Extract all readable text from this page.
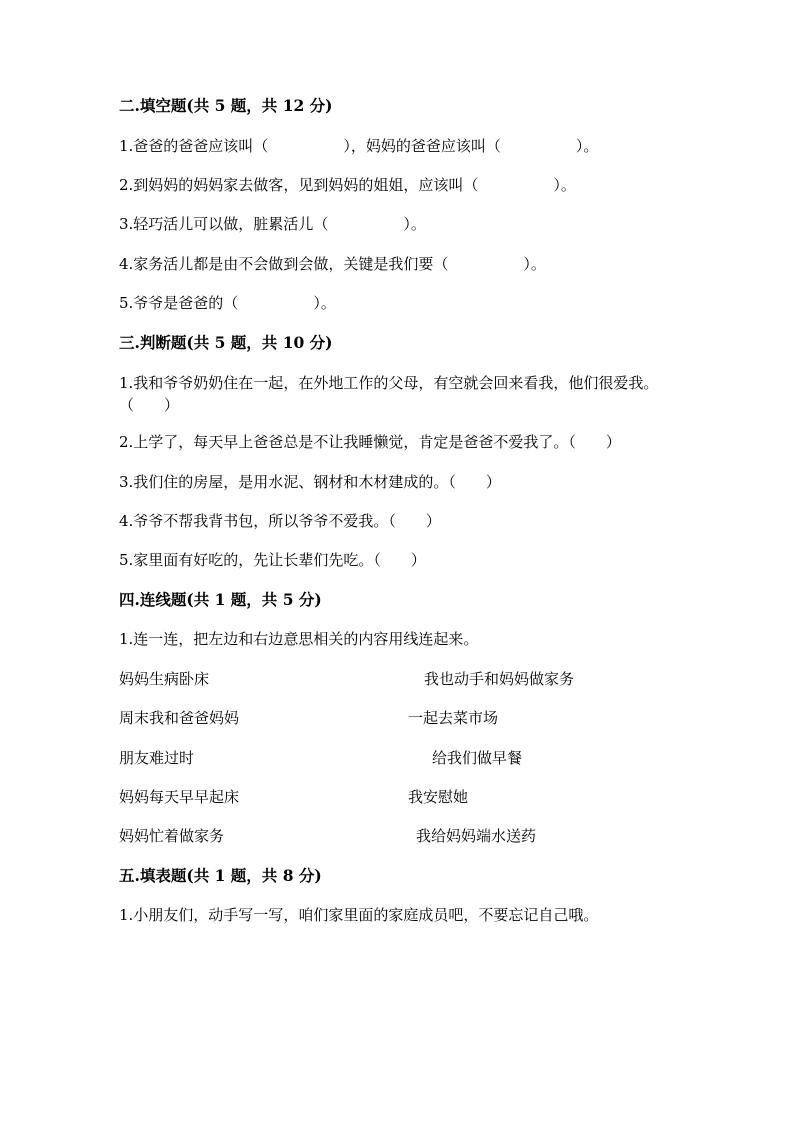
二.填空题(共 5 题，共 12 分)
1.爸爸的爸爸应该叫（　　　　　），妈妈的爸爸应该叫（　　　　　）。
2.到妈妈的妈妈家去做客，见到妈妈的姐姐，应该叫（　　　　　）。
3.轻巧活儿可以做，脏累活儿（　　　　　）。
4.家务活儿都是由不会做到会做，关键是我们要（　　　　　）。
5.爷爷是爸爸的（　　　　　）。
三.判断题(共 5 题，共 10 分)
1.我和爷爷奶奶住在一起，在外地工作的父母，有空就会回来看我，他们很爱我。（　　）
2.上学了，每天早上爸爸总是不让我睡懒觉，肯定是爸爸不爱我了。（　　）
3.我们住的房屋，是用水泥、钢材和木材建成的。（　　）
4.爷爷不帮我背书包，所以爷爷不爱我。（　　）
5.家里面有好吃的，先让长辈们先吃。（　　）
四.连线题(共 1 题，共 5 分)
1.连一连，把左边和右边意思相关的内容用线连起来。
妈妈生病卧床	我也动手和妈妈做家务
周末我和爸爸妈妈	一起去菜市场
朋友难过时	给我们做早餐
妈妈每天早早起床	我安慰她
妈妈忙着做家务	我给妈妈端水送药
五.填表题(共 1 题，共 8 分)
1.小朋友们，动手写一写，咱们家里面的家庭成员吧，不要忘记自己哦。
